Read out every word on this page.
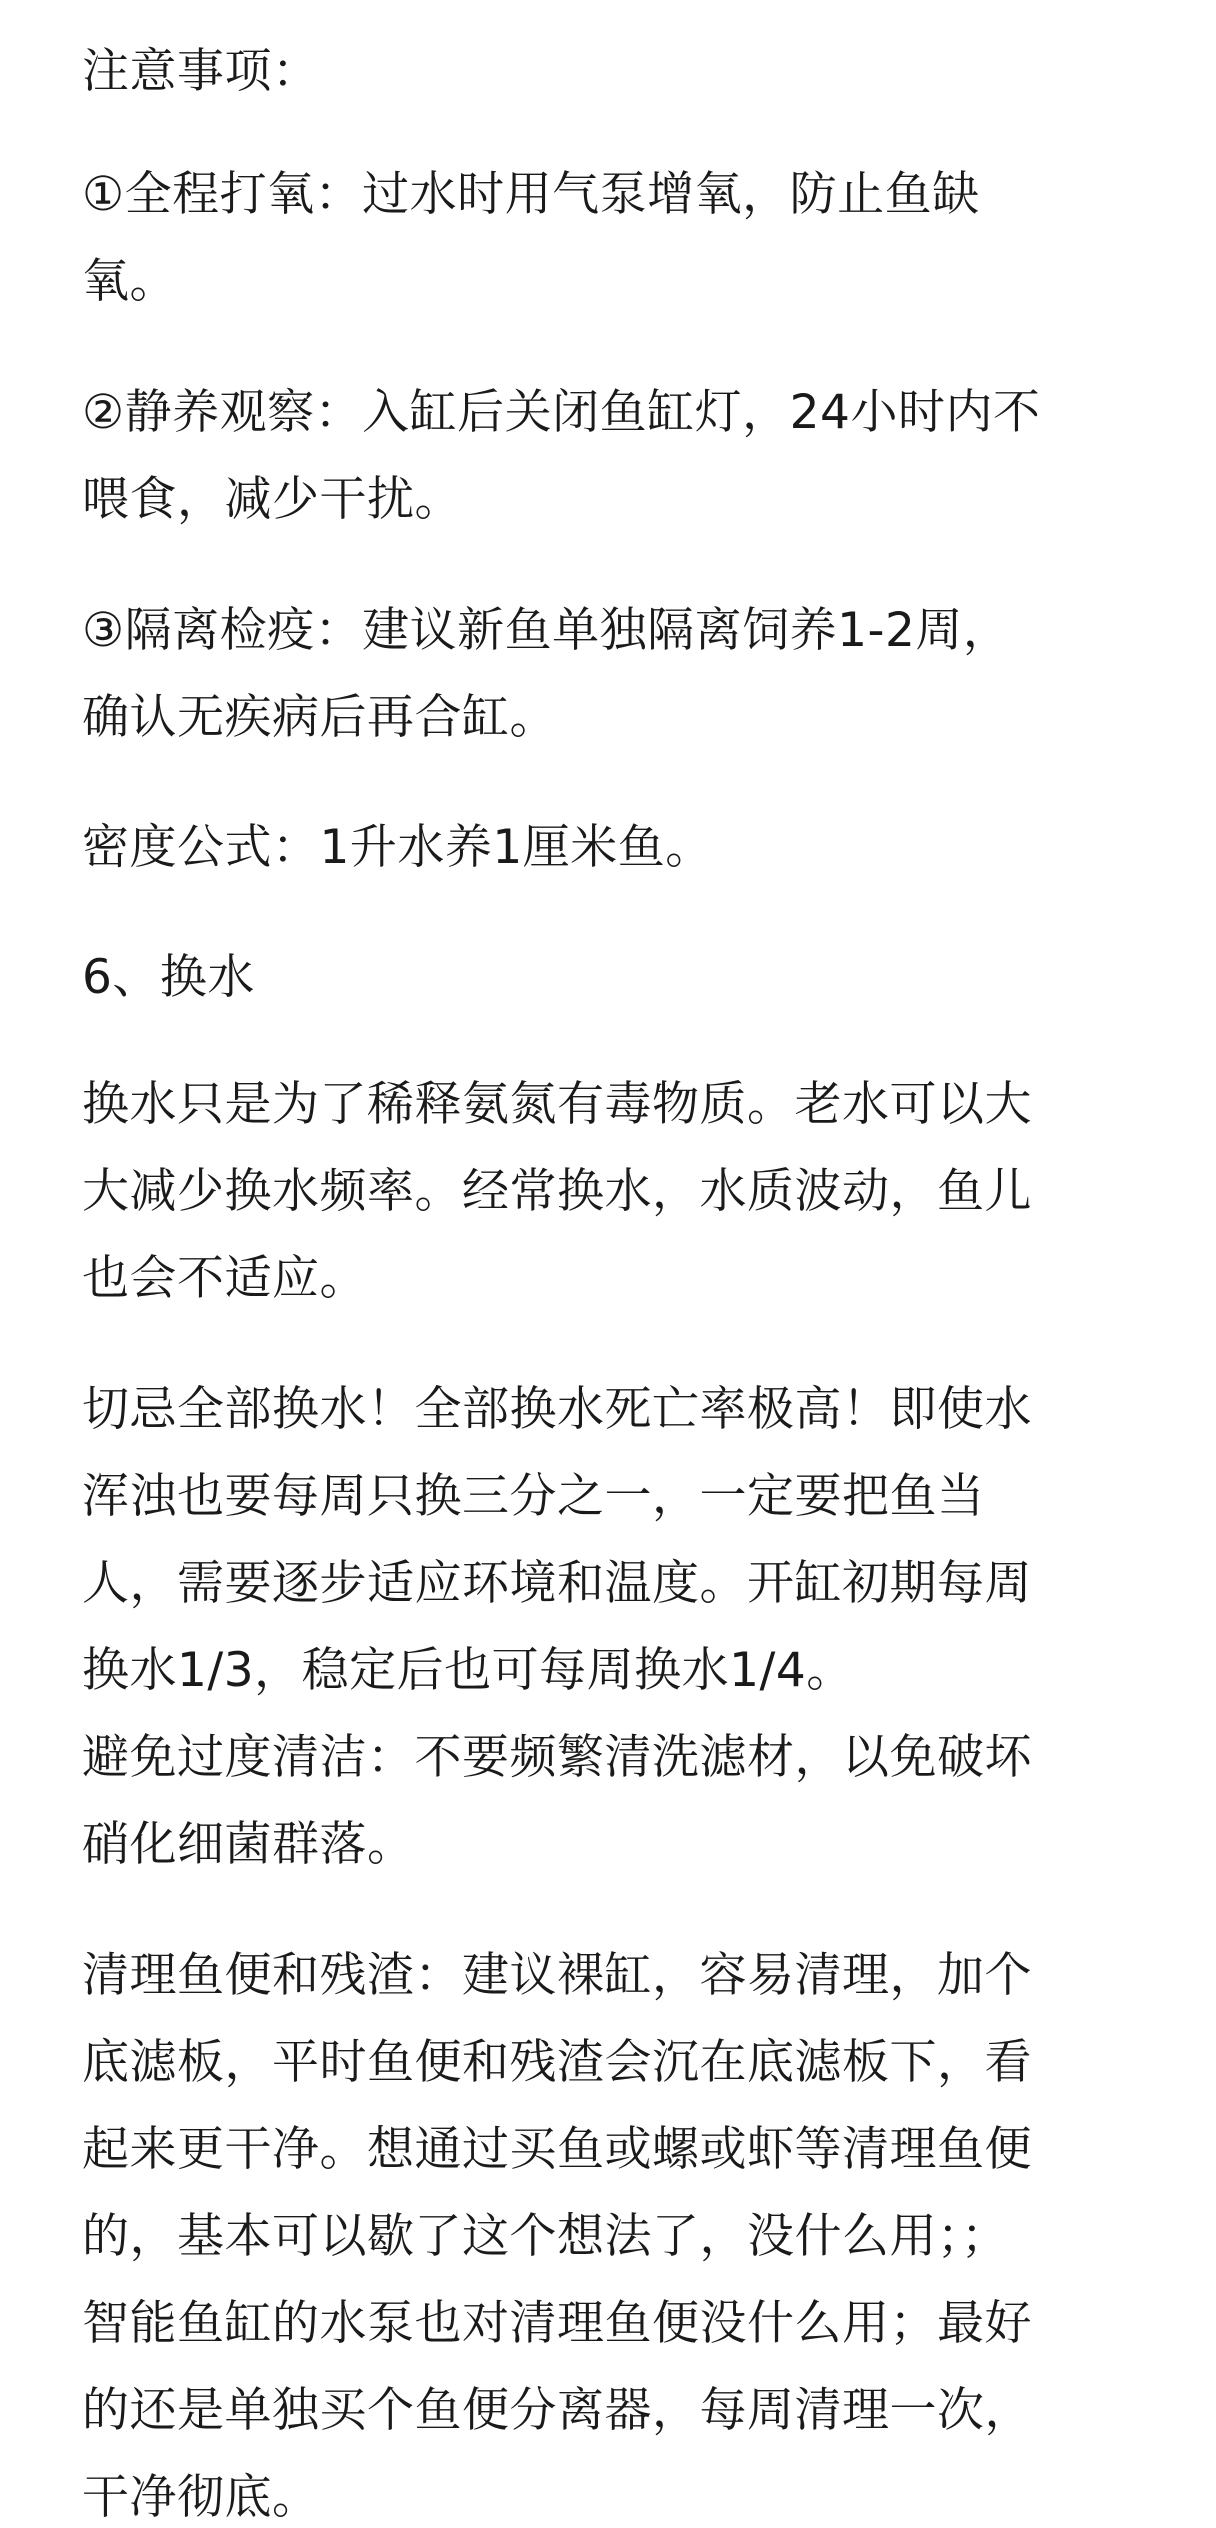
注意事项：
①全程打氧：过水时用气泵增氧，防止鱼缺
氧。
②静养观察：入缸后关闭鱼缸灯，24小时内不
喂食，减少干扰。
③隔离检疫：建议新鱼单独隔离饲养1-2周，
确认无疾病后再合缸。
密度公式：1升水养1厘米鱼。
6、换水
换水只是为了稀释氨氮有毒物质。老水可以大
大减少换水频率。经常换水，水质波动，鱼儿
也会不适应。
切忌全部换水！全部换水死亡率极高！即使水
浑浊也要每周只换三分之一，一定要把鱼当
人，需要逐步适应环境和温度。开缸初期每周
换水1/3，稳定后也可每周换水1/4。
避免过度清洁：不要频繁清洗滤材，以免破坏
硝化细菌群落。
清理鱼便和残渣：建议裸缸，容易清理，加个
底滤板，平时鱼便和残渣会沉在底滤板下，看
起来更干净。想通过买鱼或螺或虾等清理鱼便
的，基本可以歇了这个想法了，没什么用；；
智能鱼缸的水泵也对清理鱼便没什么用；最好
的还是单独买个鱼便分离器，每周清理一次，
干净彻底。
